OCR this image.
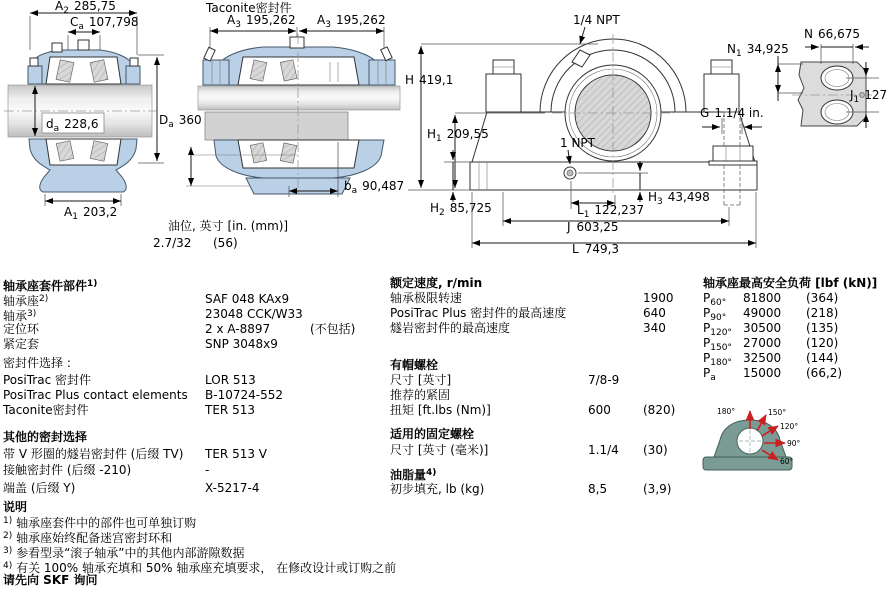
$A_2$ 285,75
$C_a$ 107,798
$d_a$ 228,6	$D_a$ 360
$A_1$ 203,2
Taconite密封件
$A_3$ 195,262 $A_3$ 195,262
$b_a$ 90,487
G 1.1/4 in.
H 419,1
$H_1$ 209,55
$H_2$ 85,725
$H_3$ 43,498
$L_1$ 122,237
J 603,25
L 749,3
1/4 NPT
1 NPT
N 66,675
$N_1$ 34,925
$J_1$ 127
油位, 英寸 [in. (mm)]
2.7/32 (56)
轴承座套件部件$^{1)}$
轴承座$^{2)}$	SAF 048 KAx9
轴承$^{3)}$	23048 CCK/W33
定位环	2 x A-8897	(不包括)
紧定套	SNP 3048x9
密封件选择 :
PosiTrac 密封件	LOR 513
PosiTrac Plus contact elements B-10724-552
Taconite密封件	TER 513
其他的密封选择
带 V 形圈的燧岩密封件 (后缀 TV) TER 513 V
接触密封件 (后缀 -210)	-
端盖 (后缀 Y)	X-5217-4
说明
$^{1)}$ 轴承座套件中的部件也可单独订购
$^{2)}$ 轴承座始终配备迷宫密封环和
$^{3)}$ 参看型录“滚子轴承”中的其他内部游隙数据
$^{4)}$ 有关 100% 轴承充填和 50% 轴承座充填要求， 在修改设计或订购之前
请先向 SKF 询问
额定速度, r/min
轴承极限转速	1900
PosiTrac Plus 密封件的最高速度	640
燧岩密封件的最高速度	340
有帽螺栓
尺寸 [英寸]	7/8-9
推荐的紧固
扭矩 [ft.lbs (Nm)]	600	(820)
适用的固定螺栓
尺寸 [英寸 (毫米)]	1.1/4 (30)
油脂量$^{4)}$
初步填充, lb (kg)	8,5	(3,9)
轴承座最高安全负荷 [lbf (kN)]
$P_{60^\circ}$ 81800 (364)
$P_{90^\circ}$ 49000 (218)
$P_{120^\circ}$ 30500 (135)
$P_{150^\circ}$ 27000 (120)
$P_{180^\circ}$ 32500 (144)
$P_a$ 15000 (66,2)
180°	150°
120°
90°
60°
